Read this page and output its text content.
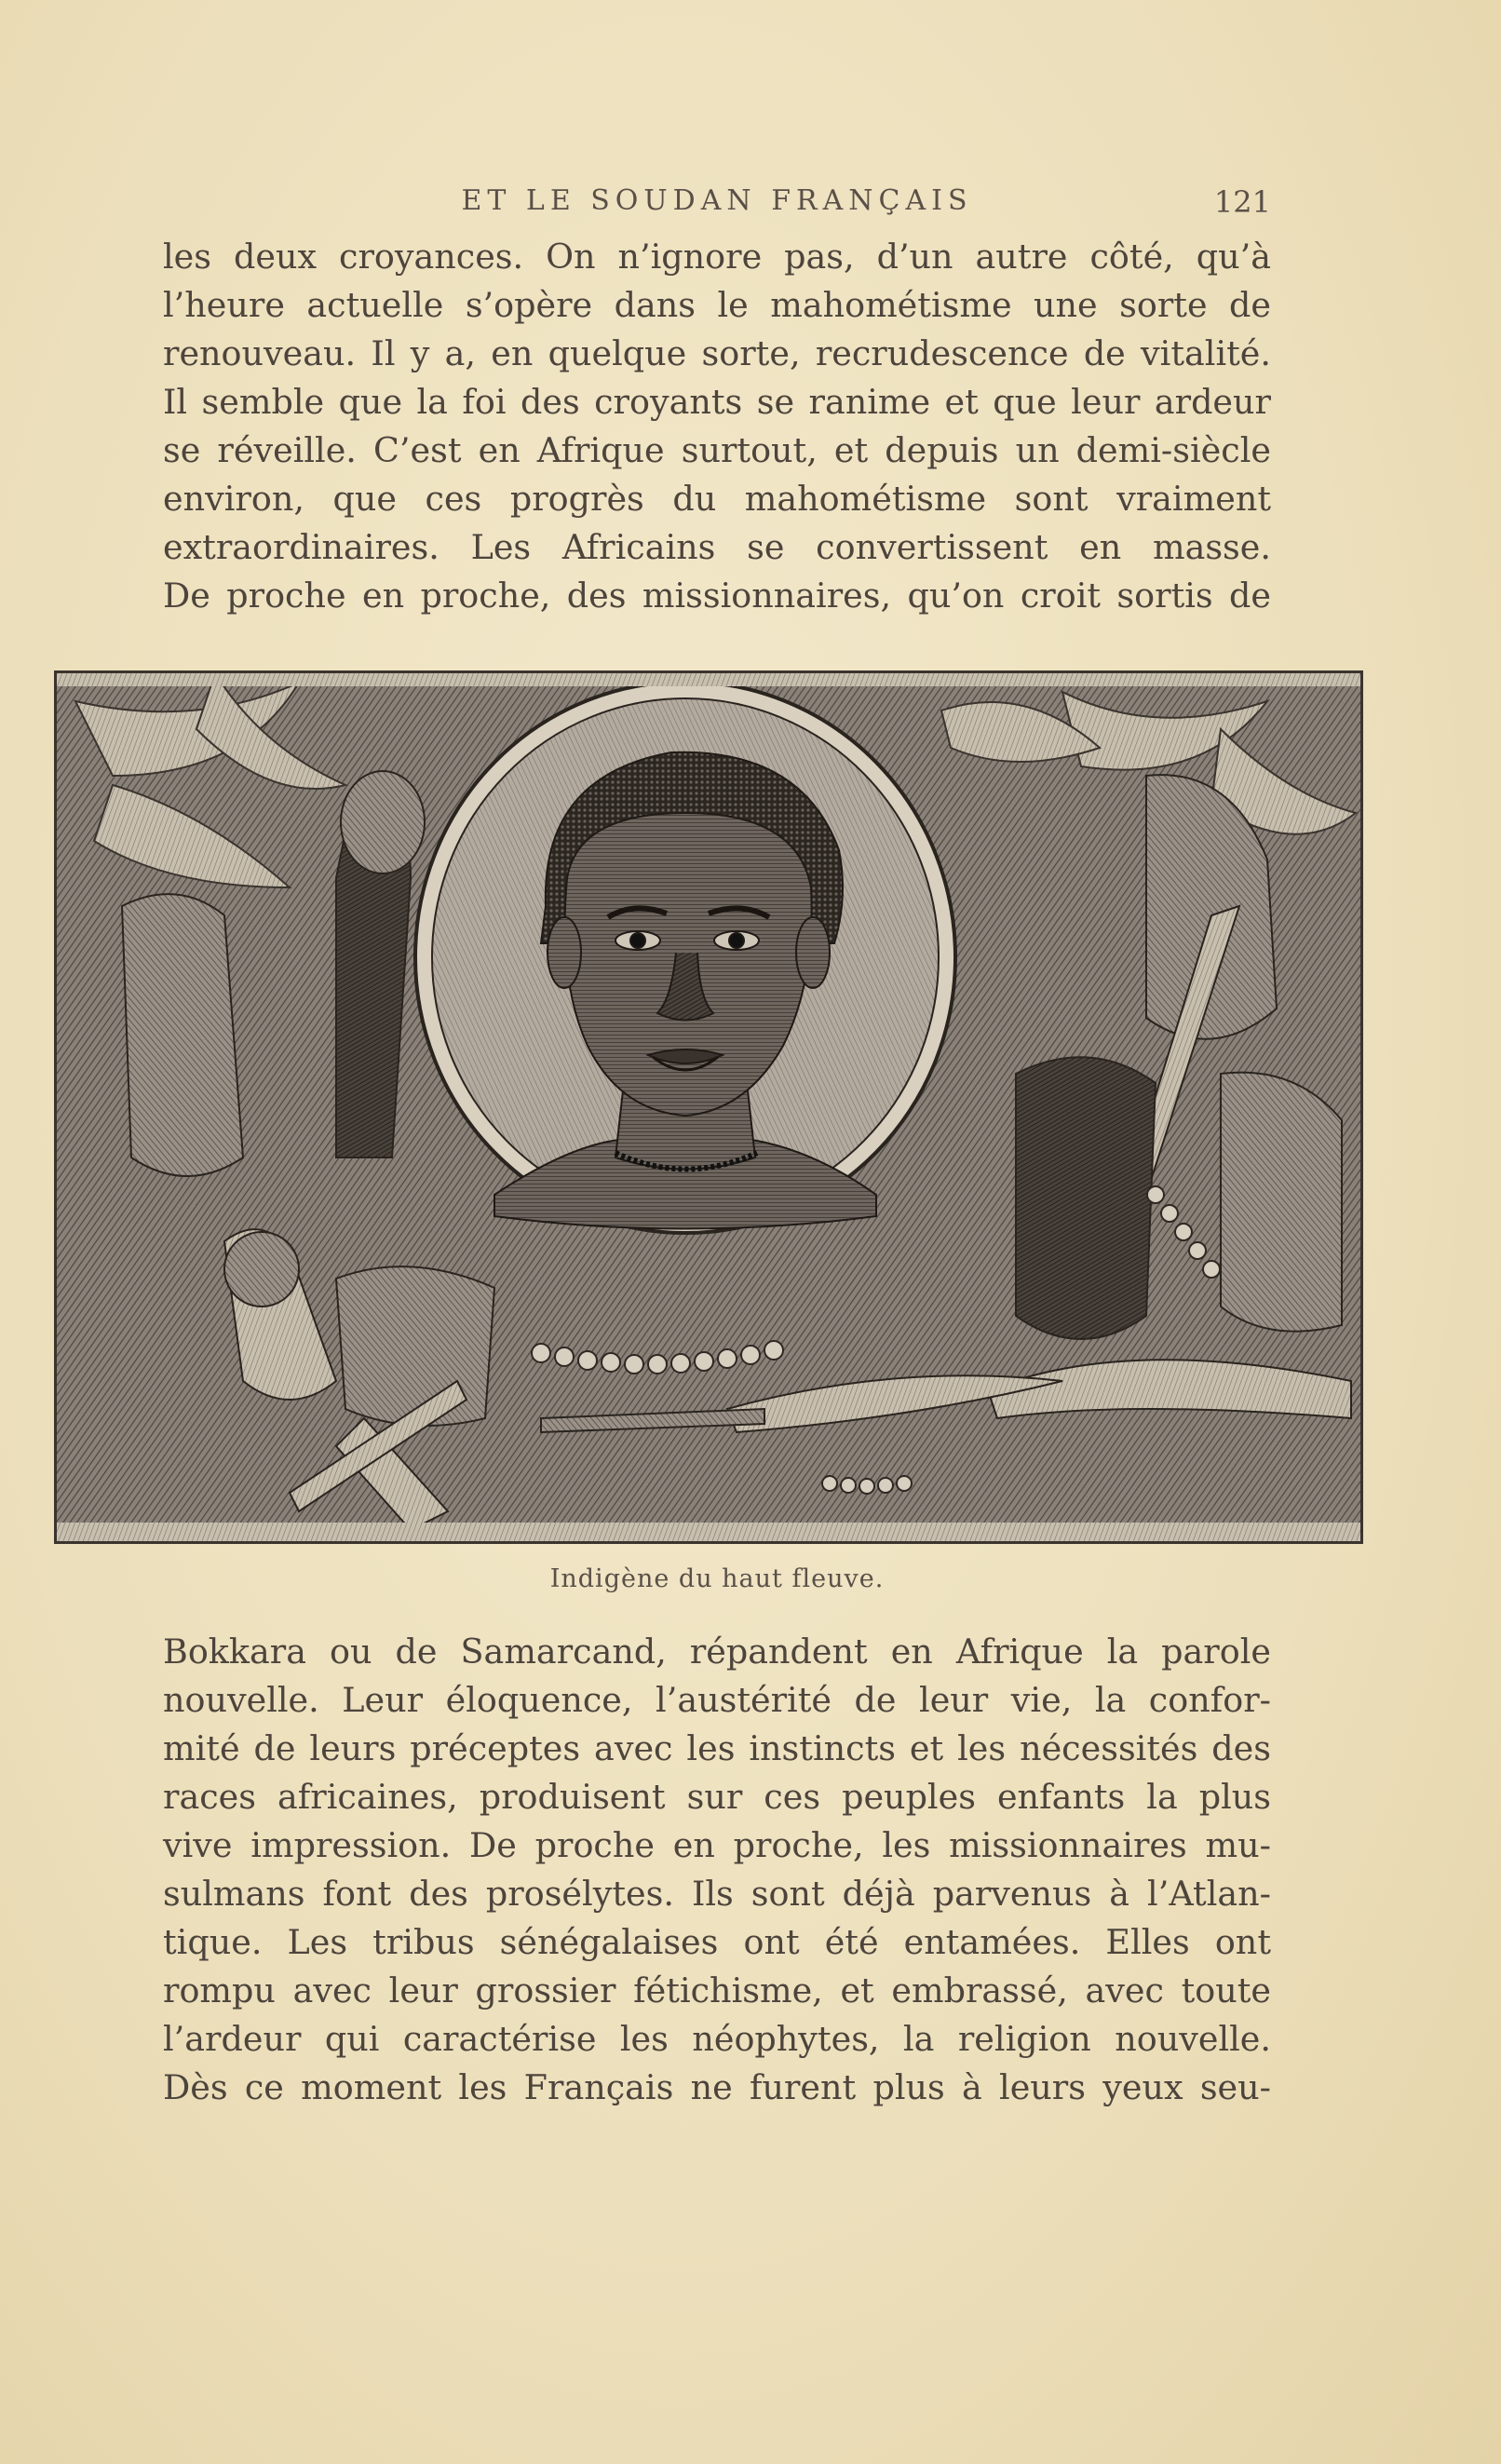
ET LE SOUDAN FRANÇAIS	121
les deux croyances. On n’ignore pas, d’un autre côté, qu’à
l’heure actuelle s’opère dans le mahométisme une sorte de
renouveau. Il y a, en quelque sorte, recrudescence de vitalité.
Il semble que la foi des croyants se ranime et que leur ardeur
se réveille. C’est en Afrique surtout, et depuis un demi-siècle
environ, que ces progrès du mahométisme sont vraiment
extraordinaires. Les Africains se convertissent en masse.
De proche en proche, des missionnaires, qu’on croit sortis de
Indigène du haut fleuve.
Bokkara ou de Samarcand, répandent en Afrique la parole
nouvelle. Leur éloquence, l’austérité de leur vie, la confor-
mité de leurs préceptes avec les instincts et les nécessités des
races africaines, produisent sur ces peuples enfants la plus
vive impression. De proche en proche, les missionnaires mu-
sulmans font des prosélytes. Ils sont déjà parvenus à l’Atlan-
tique. Les tribus sénégalaises ont été entamées. Elles ont
rompu avec leur grossier fétichisme, et embrassé, avec toute
l’ardeur qui caractérise les néophytes, la religion nouvelle.
Dès ce moment les Français ne furent plus à leurs yeux seu-
